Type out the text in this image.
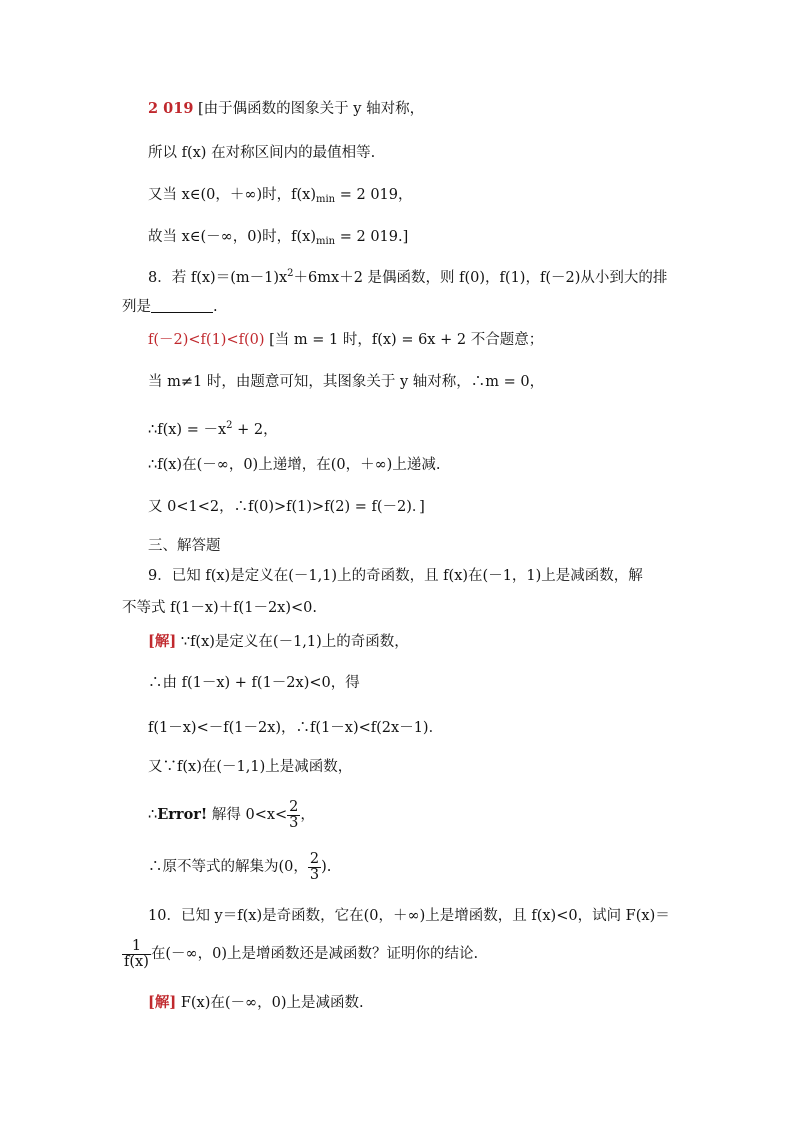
2 019 [由于偶函数的图象关于 y 轴对称，
所以 f(x) 在对称区间内的最值相等.
又当 x∈(0，＋∞)时，$f(x)_{min} = 2$ 019，
故当 x∈(－∞，0)时，$f(x)_{min} = 2$ 019.]
8．若 $f(x)=(m-1)x^2+6mx+2$ 是偶函数，则 f(0)，f(1)，f(－2)从小到大的排
列是	.
f(－2)<f(1)<f(0) [当 m = 1 时，f(x) = 6x + 2 不合题意；
当 m≠1 时，由题意可知，其图象关于 y 轴对称，∴m = 0，
∴f(x) = $-x^2 + 2$，
∴f(x)在(－∞，0)上递增，在(0，＋∞)上递减.
又 0<1<2，∴f(0)>f(1)>f(2) = f(－2)．]
三、解答题
9．已知 f(x)是定义在(－1,1)上的奇函数，且 f(x)在(－1，1)上是减函数，解
不等式 f(1－x)＋f(1－2x)<0.
[解] ∵f(x)是定义在(－1,1)上的奇函数，
∴由 f(1－x) + f(1－2x)<0，得
f(1－x)<－f(1－2x)，∴f(1－x)<f(2x－1)．
又∵f(x)在(－1,1)上是减函数，
∴Error! 解得 $0<x< \frac{2}{3}$ ，
∴原不等式的解集为(0， $\frac{2}{3}$ ).
10．已知 y＝f(x)是奇函数，它在(0，＋∞)上是增函数，且 f(x)<0，试问 F(x)＝
$\frac{1}{f(x)}$ 在(－∞，0)上是增函数还是减函数？证明你的结论.
[解] F(x)在(－∞，0)上是减函数.
